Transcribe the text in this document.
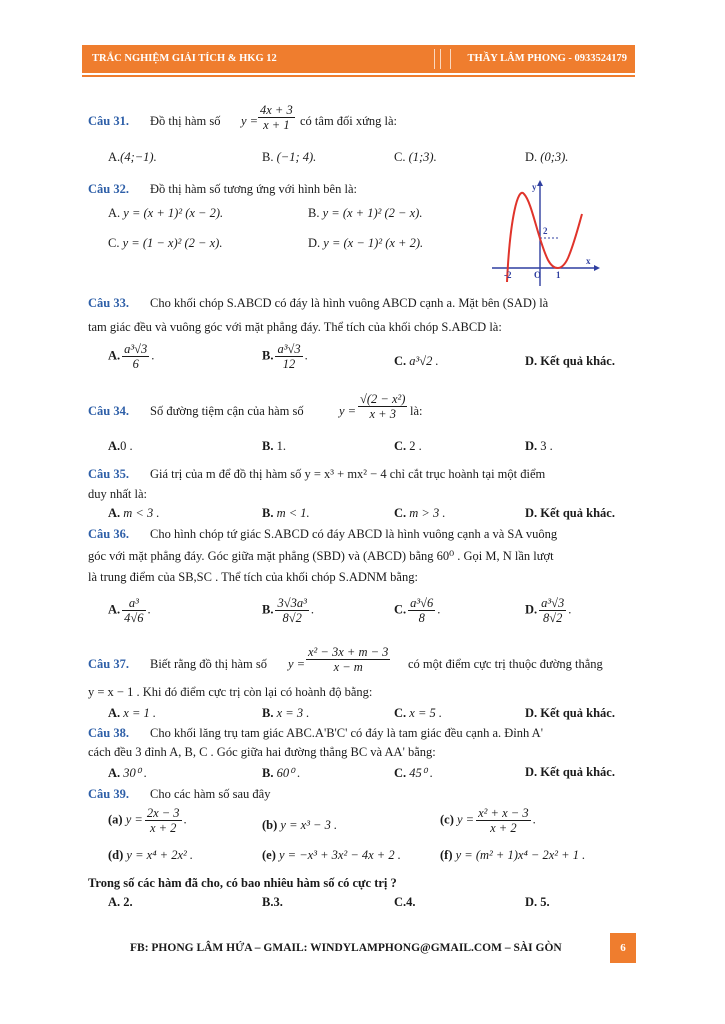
TRẮC NGHIỆM GIẢI TÍCH & HKG 12	THẦY LÂM PHONG - 0933524179
Câu 31. Đồ thị hàm số $y = \frac{4x + 3}{x + 1}$ có tâm đối xứng là:
A.(4;−1).	B. (−1; 4).	C. (1;3).	D. (0;3).
Câu 32. Đồ thị hàm số tương ứng với hình bên là:
A. y = (x + 1)² (x − 2).	B. y = (x + 1)² (2 − x).
C. y = (1 − x)² (2 − x).	D. y = (x − 1)² (x + 2).
y
x
O
-2	1
2
Câu 33. Cho khối chóp S.ABCD có đáy là hình vuông ABCD cạnh a. Mặt bên (SAD) là
tam giác đều và vuông góc với mặt phẳng đáy. Thể tích của khối chóp S.ABCD là:
A. $\frac{\text{a³√3}}{6}$ .	B. $\frac{\text{a³√3}}{12}$ .	C. a³√2 .	D. Kết quả khác.
Câu 34. Số đường tiệm cận của hàm số	$y = \frac{\text{√(2 − x²)}}{x + 3}$ là:
A.0 .	B. 1.	C. 2 .	D. 3 .
Câu 35. Giá trị của m để đồ thị hàm số y = x³ + mx² − 4 chỉ cắt trục hoành tại một điểm
duy nhất là:
A. m < 3 .	B. m < 1.	C. m > 3 .	D. Kết quả khác.
Câu 36. Cho hình chóp tứ giác S.ABCD có đáy ABCD là hình vuông cạnh a và SA vuông
góc với mặt phẳng đáy. Góc giữa mặt phẳng (SBD) và (ABCD) bằng 60⁰ . Gọi M, N lần lượt
là trung điểm của SB,SC . Thể tích của khối chóp S.ADNM bằng:
A. $\frac{\text{a³}}{4√6}$ .	B. $\frac{\text{3√3a³}}{8√2}$ .	C. $\frac{\text{a³√6}}{8}$ .	D. $\frac{\text{a³√3}}{8√2}$ .
Câu 37. Biết rằng đồ thị hàm số $y = \frac{\text{x² − 3x + m − 3}}{x - m}$ có một điểm cực trị thuộc đường thẳng
y = x − 1 . Khi đó điểm cực trị còn lại có hoành độ bằng:
A. x = 1 .	B. x = 3 .	C. x = 5 .	D. Kết quả khác.
Câu 38. Cho khối lăng trụ tam giác ABC.A'B'C' có đáy là tam giác đều cạnh a. Đỉnh A'
cách đều 3 đỉnh A, B, C . Góc giữa hai đường thẳng BC và AA' bằng:
A. 30⁰ .	B. 60⁰ .	C. 45⁰ .	D. Kết quả khác.
Câu 39. Cho các hàm số sau đây
(a) $y = \frac{2x - 3}{x + 2}$ .	(b) y = x³ − 3 .	(c) $y = \frac{\text{x² + x − 3}}{x + 2}$ .
(d) y = x⁴ + 2x² .	(e) y = −x³ + 3x² − 4x + 2 .	(f) y = (m² + 1)x⁴ − 2x² + 1 .
Trong số các hàm đã cho, có bao nhiêu hàm số có cực trị ?
A. 2.	B.3.	C.4.	D. 5.
FB: PHONG LÂM HỨA – GMAIL: WINDYLAMPHONG@GMAIL.COM – SÀI GÒN	6
